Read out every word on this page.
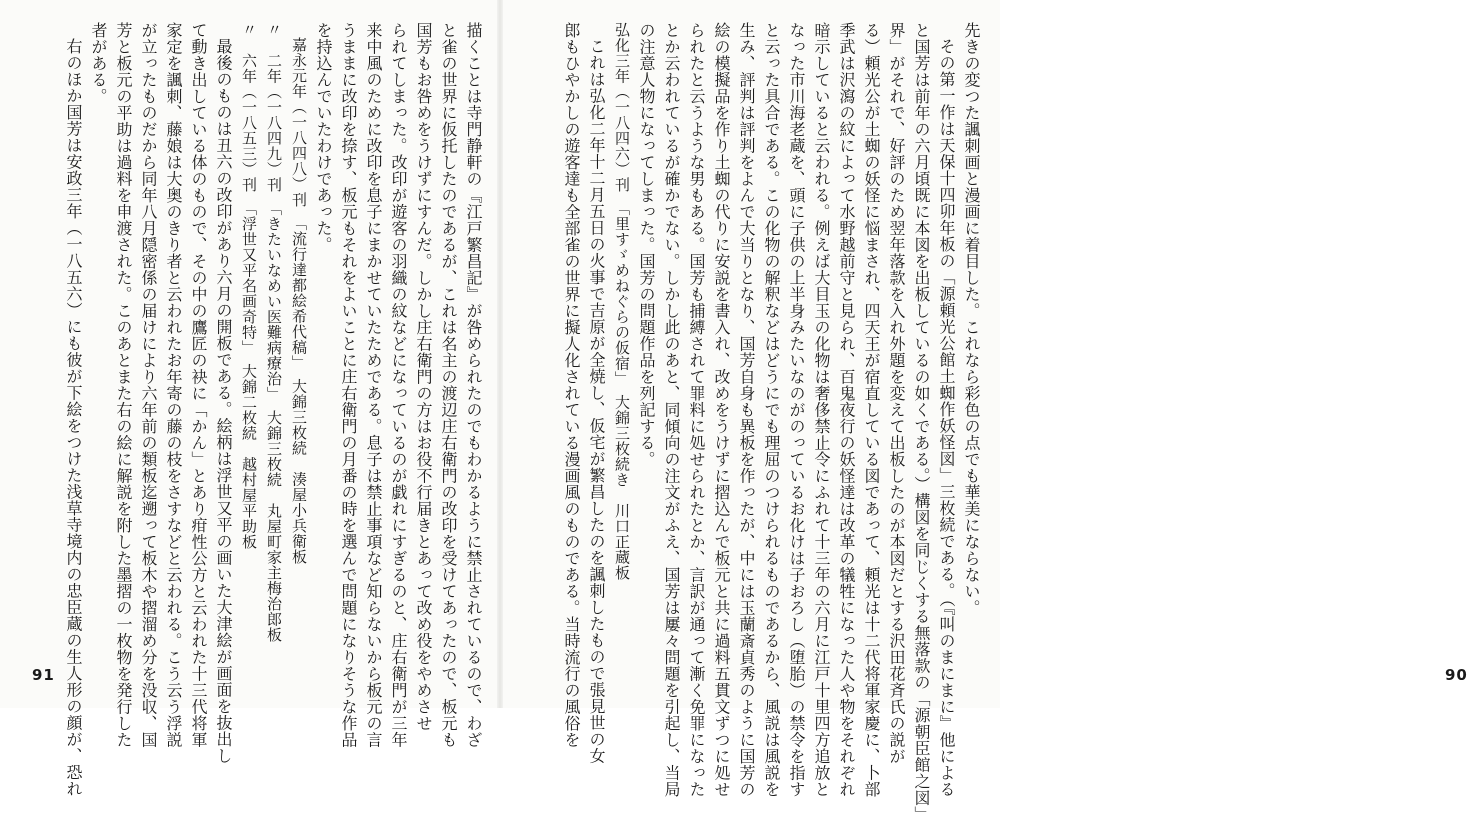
描くことは寺門静軒の『江戸繁昌記』が咎められたのでもわかるように禁止されているので、わざ
と雀の世界に仮托したのであるが、これは名主の渡辺庄右衛門の改印を受けてあったので、板元も
国芳もお咎めをうけずにすんだ。しかし庄右衛門の方はお役不行届きとあって改め役をやめさせ
られてしまった。改印が遊客の羽織の紋などになっているのが戯れにすぎるのと、庄右衛門が三年
来中風のために改印を息子にまかせていたためである。息子は禁止事項など知らないから板元の言
うままに改印を捺す、板元もそれをよいことに庄右衛門の月番の時を選んで問題になりそうな作品
を持込んでいたわけであった。
嘉永元年（一八四八）刊　「流行達都絵希代稿」　大錦三枚続　湊屋小兵衛板
〃　二年（一八四九）刊　「きたいなめい医難病療治」　大錦三枚続　丸屋町家主梅治郎板
〃　六年（一八五三）刊　「浮世又平名画奇特」　大錦二枚続　越村屋平助板
最後のものは丑六の改印があり六月の開板である。絵柄は浮世又平の画いた大津絵が画面を抜出し
て動き出している体のもので、その中の鷹匠の袂に「かん」とあり疳性公方と云われた十三代将軍
家定を諷刺、藤娘は大奥のきり者と云われたお年寄の藤の枝をさすなどと云われる。こう云う浮説
が立ったものだから同年八月隠密係の届けにより六年前の類板迄遡って板木や摺溜め分を没収、国
芳と板元の平助は過料を申渡された。このあとまた右の絵に解説を附した墨摺の一枚物を発行した
者がある。
右のほか国芳は安政三年（一八五六）にも彼が下絵をつけた浅草寺境内の忠臣蔵の生人形の顔が、恐れ
91	90
先きの変つた諷刺画と漫画に着目した。これなら彩色の点でも華美にならない。
その第一作は天保十四卯年板の「源頼光公館土蜘作妖怪図」三枚続である。（『叫のまにまに』他による
と国芳は前年の六月頃既に本図を出板しているの如くである。）構図を同じくする無落款の「源朝臣館之図」
界」がそれで、好評のため翌年落款を入れ外題を変えて出板したのが本図だとする沢田花斉氏の説が
る）頼光公が土蜘の妖怪に悩まされ、四天王が宿直している図であって、頼光は十二代将軍家慶に、卜部
季武は沢瀉の紋によって水野越前守と見られ、百鬼夜行の妖怪達は改革の犠牲になった人や物をそれぞれ
暗示していると云われる。例えば大目玉の化物は奢侈禁止令にふれて十三年の六月に江戸十里四方追放と
なった市川海老蔵を、頭に子供の上半身みたいなのがのっているお化けは子おろし（堕胎）の禁令を指す
と云った具合である。この化物の解釈などはどうにでも理屈のつけられるものであるから、風説は風説を
生み、評判は評判をよんで大当りとなり、国芳自身も異板を作ったが、中には玉蘭斎貞秀のように国芳の
絵の模擬品を作り土蜘の代りに安説を書入れ、改めをうけずに摺込んで板元と共に過料五貫文ずつに処せ
られたと云うような男もある。国芳も捕縛されて罪料に処せられたとか、言訳が通って漸く免罪になった
とか云われているが確かでない。しかし此のあと、同傾向の注文がふえ、国芳は屢々問題を引起し、当局
の注意人物になってしまった。国芳の問題作品を列記する。
弘化三年（一八四六）刊　「里すゞめねぐらの仮宿」　大錦三枚続き　川口正蔵板
これは弘化二年十二月五日の火事で吉原が全焼し、仮宅が繁昌したのを諷刺したもので張見世の女
郎もひやかしの遊客達も全部雀の世界に擬人化されている漫画風のものである。当時流行の風俗を
